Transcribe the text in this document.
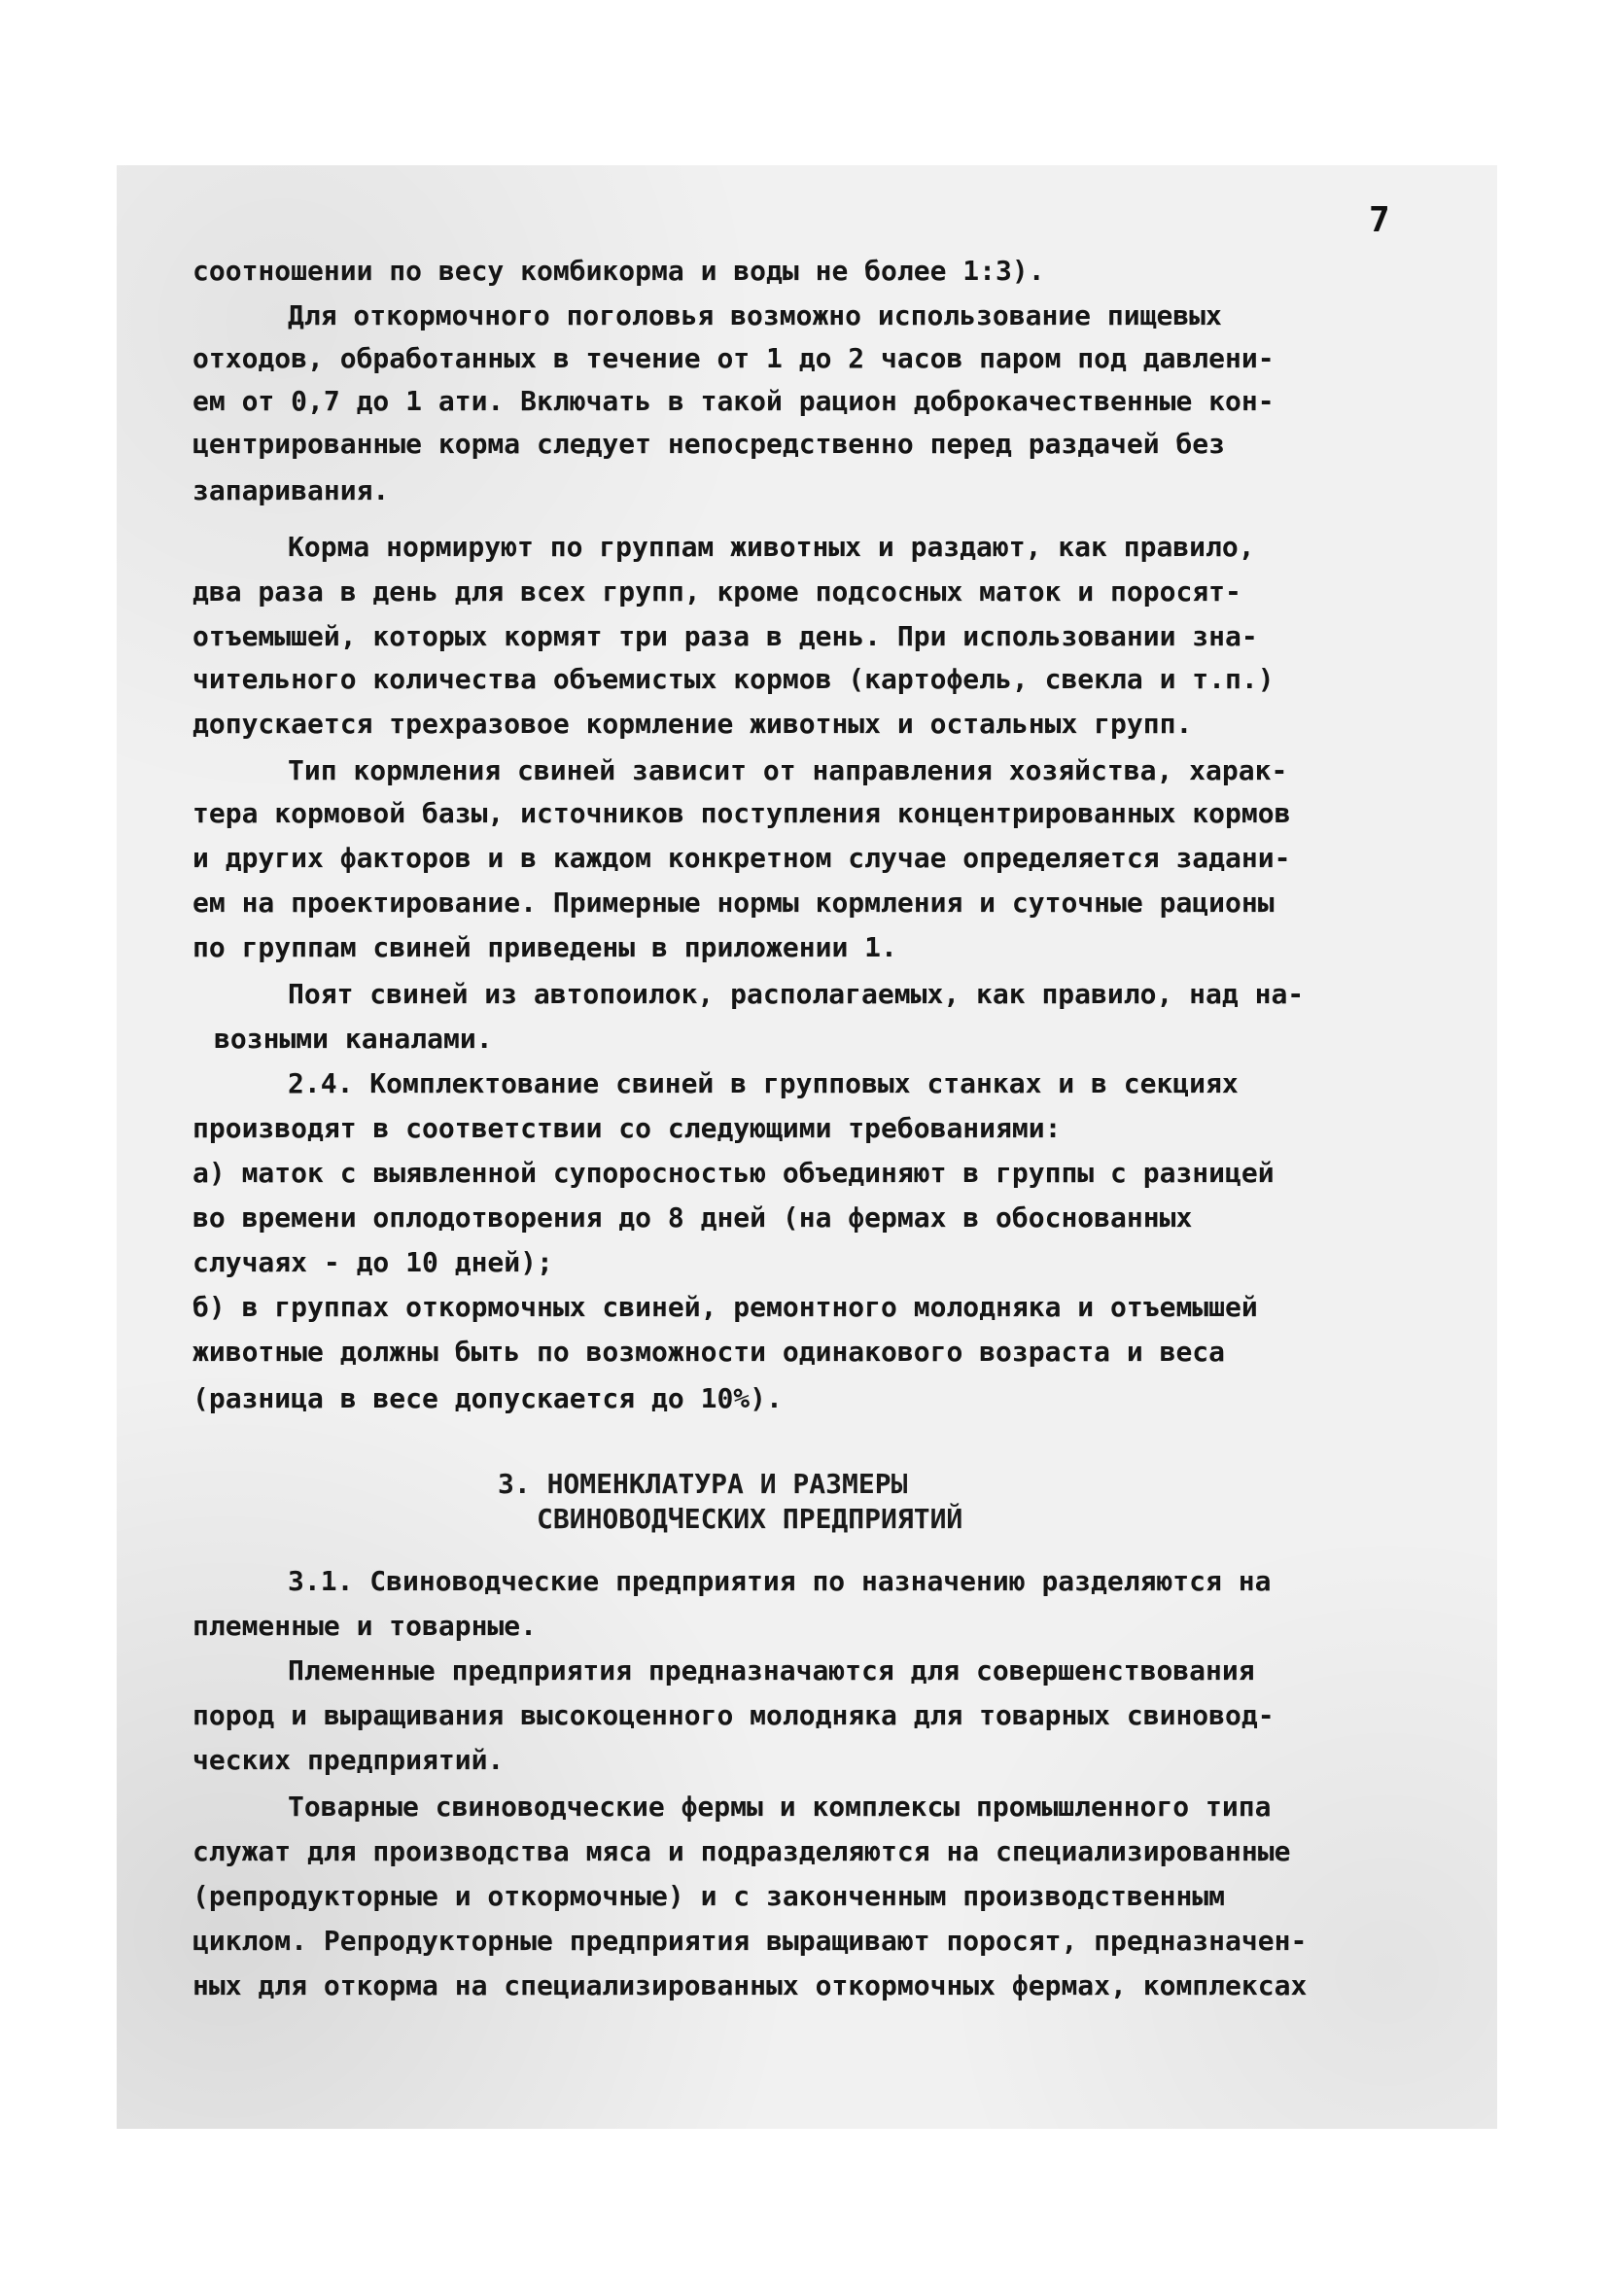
7

соотношении по весу комбикорма и воды не более 1:3).

Для откормочного поголовья возможно использование пищевых

отходов, обработанных в течение от 1 до 2 часов паром под давлени-

ем от 0,7 до 1 ати. Включать в такой рацион доброкачественные кон-

центрированные корма следует непосредственно перед раздачей без

запаривания.

Корма нормируют по группам животных и раздают, как правило,

два раза в день для всех групп, кроме подсосных маток и поросят-

отъемышей, которых кормят три раза в день. При использовании зна-

чительного количества объемистых кормов (картофель, свекла и т.п.)

допускается трехразовое кормление животных и остальных групп.

Тип кормления свиней зависит от направления хозяйства, харак-

тера кормовой базы, источников поступления концентрированных кормов

и других факторов и в каждом конкретном случае определяется задани-

ем на проектирование. Примерные нормы кормления и суточные рационы

по группам свиней приведены в приложении 1.

Поят свиней из автопоилок, располагаемых, как правило, над на-

возными каналами.

2.4. Комплектование свиней в групповых станках и в секциях

производят в соответствии со следующими требованиями:

а) маток с выявленной супоросностью объединяют в группы с разницей

во времени оплодотворения до 8 дней (на фермах в обоснованных

случаях - до 10 дней);

б) в группах откормочных свиней, ремонтного молодняка и отъемышей

животные должны быть по возможности одинакового возраста и веса

(разница в весе допускается до 10%).

3. НОМЕНКЛАТУРА И РАЗМЕРЫ

СВИНОВОДЧЕСКИХ ПРЕДПРИЯТИЙ

3.1. Свиноводческие предприятия по назначению разделяются на

племенные и товарные.

Племенные предприятия предназначаются для совершенствования

пород и выращивания высокоценного молодняка для товарных свиновод-

ческих предприятий.

Товарные свиноводческие фермы и комплексы промышленного типа

служат для производства мяса и подразделяются на специализированные

(репродукторные и откормочные) и с законченным производственным

циклом. Репродукторные предприятия выращивают поросят, предназначен-

ных для откорма на специализированных откормочных фермах, комплексах
